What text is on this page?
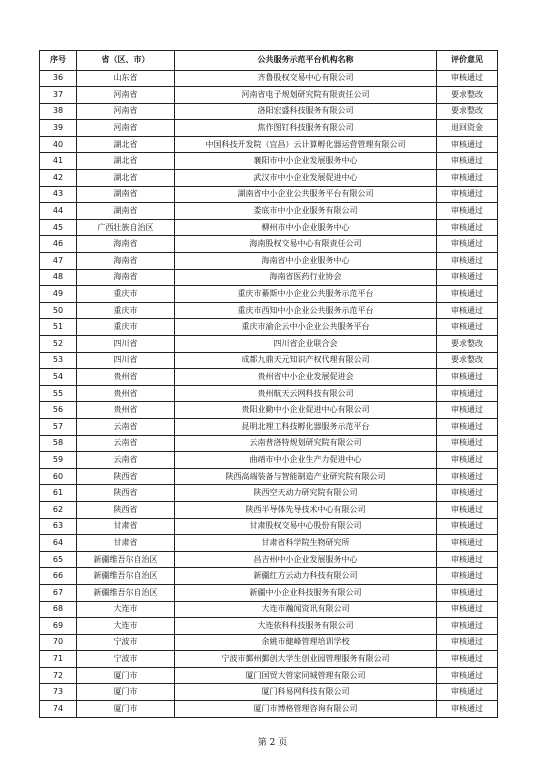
序号	省（区、市）	公共服务示范平台机构名称	评价意见
36	山东省	齐鲁股权交易中心有限公司	审核通过
37	河南省	河南省电子规划研究院有限责任公司	要求整改
38	河南省	洛阳宏盛科技服务有限公司	要求整改
39	河南省	焦作图钉科技服务有限公司	退回资金
40	湖北省	中国科技开发院（宜昌）云计算孵化器运营管理有限公司	审核通过
41	湖北省	襄阳市中小企业发展服务中心	审核通过
42	湖北省	武汉市中小企业发展促进中心	审核通过
43	湖南省	湖南省中小企业公共服务平台有限公司	审核通过
44	湖南省	娄底市中小企业服务有限公司	审核通过
45	广西壮族自治区	柳州市中小企业服务中心	审核通过
46	海南省	海南股权交易中心有限责任公司	审核通过
47	海南省	海南省中小企业服务中心	审核通过
48	海南省	海南省医药行业协会	审核通过
49	重庆市	重庆市綦斯中小企业公共服务示范平台	审核通过
50	重庆市	重庆市西知中小企业公共服务示范平台	审核通过
51	重庆市	重庆市渝企云中小企业公共服务平台	审核通过
52	四川省	四川省企业联合会	要求整改
53	四川省	成都九鼎天元知识产权代理有限公司	要求整改
54	贵州省	贵州省中小企业发展促进会	审核通过
55	贵州省	贵州航天云网科技有限公司	审核通过
56	贵州省	贵阳业勤中小企业促进中心有限公司	审核通过
57	云南省	昆明北理工科技孵化器服务示范平台	审核通过
58	云南省	云南普洛特规划研究院有限公司	审核通过
59	云南省	曲靖市中小企业生产力促进中心	审核通过
60	陕西省	陕西高端装备与智能制造产业研究院有限公司	审核通过
61	陕西省	陕西空天动力研究院有限公司	审核通过
62	陕西省	陕西半导体先导技术中心有限公司	审核通过
63	甘肃省	甘肃股权交易中心股份有限公司	审核通过
64	甘肃省	甘肃省科学院生物研究所	审核通过
65	新疆维吾尔自治区	昌吉州中小企业发展服务中心	审核通过
66	新疆维吾尔自治区	新疆红方云动力科技有限公司	审核通过
67	新疆维吾尔自治区	新疆中小企业科技服务有限公司	审核通过
68	大连市	大连市瀚闻资讯有限公司	审核通过
69	大连市	大连依科科技服务有限公司	审核通过
70	宁波市	余姚市健峰管理培训学校	审核通过
71	宁波市	宁波市鄞州鄞创大学生创业园管理服务有限公司	审核通过
72	厦门市	厦门国贸大管家同城管理有限公司	审核通过
73	厦门市	厦门科易网科技有限公司	审核通过
74	厦门市	厦门市博格管理咨询有限公司	审核通过
第 2 页
